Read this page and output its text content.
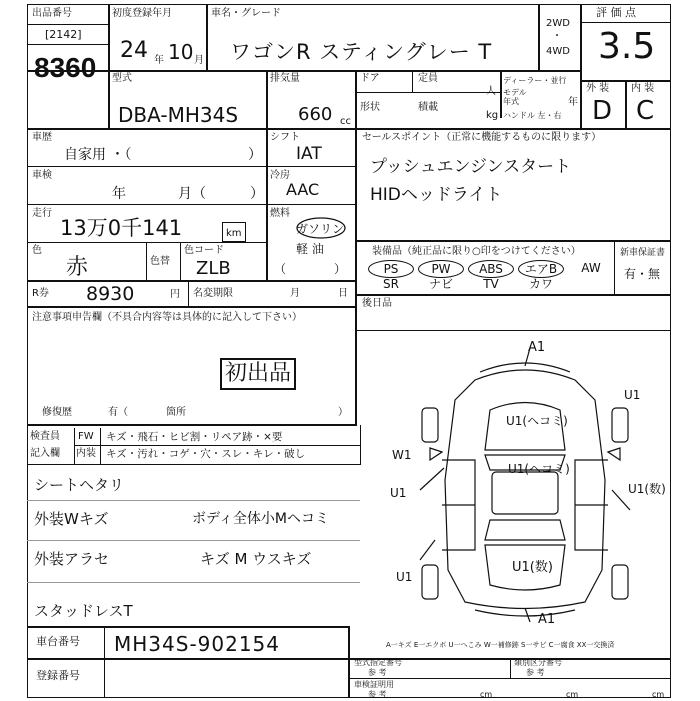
出品番号
[2142]
8360
初度登録年月
24 年 10 月
車名・グレード
ワゴンR スティングレー T
2WD
・
4WD
評 価 点
3.5
型式
DBA-MH34S
排気量
660 cc
ドア	定員
人
形状	積載
kg
ディーラー・並行
モデル
年式	年
ハンドル 左・右
外 装 内 装
D C
車歴
自家用 ・（	）
車検
年	月（	）
走行
13万0千141	km
色
赤	色替
色コード
ZLB
R券 8930	円 名変期限	月	日
注意事項申告欄（不具合内容等は具体的に記入して下さい）
初出品
修復歴	有（	箇所	）
シフト
IAT
冷房
AAC
燃料
ガソリン
軽 油
（	）
セールスポイント（正常に機能するものに限ります）
プッシュエンジンスタート
HIDヘッドライト
装備品（純正品に限り○印をつけてください）	新車保証書
有・無
PS	PW	ABS	エアB	AW
SR	ナビ	TV	カワ
後日品
A1
U1(ヘコミ)
U1(ヘコミ)
U1(数)
A1
W1
U1
U1
U1
U1(数)
A一キズ E一エクボ U一へこみ W一補修跡 S一サビ C一腐食 XX一交換済
検査員
記入欄
FW キズ・飛石・ヒビ割・リペア跡・×要
内装 キズ・汚れ・コゲ・穴・スレ・キレ・破し
シートヘタリ
外装Wキズ	ボディ全体小Mヘコミ
外装アラセ	キズ M ウスキズ
スタッドレスT
車台番号 MH34S-902154
登録番号
型式指定番号
参 考
類別区分番号
参 考
車検証明用
参 考	cm	cm	cm
